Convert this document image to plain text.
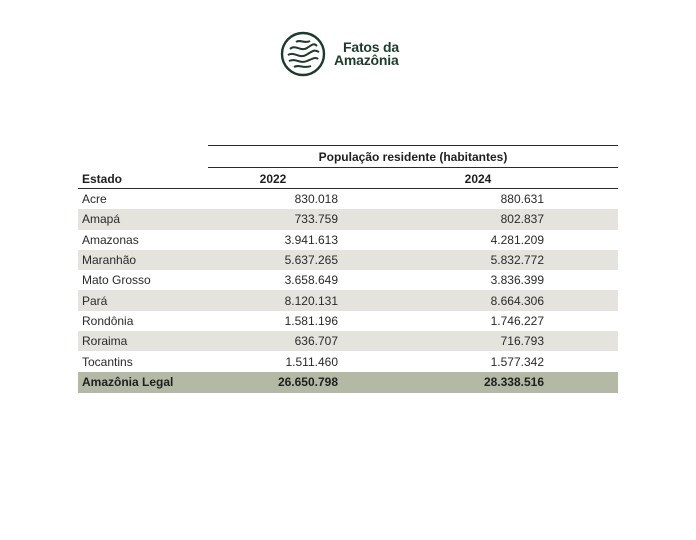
Fatos da
Amazônia
População residente (habitantes)
Estado	2022	2024
Acre	830.018	880.631
Amapá	733.759	802.837
Amazonas	3.941.613	4.281.209
Maranhão	5.637.265	5.832.772
Mato Grosso	3.658.649	3.836.399
Pará	8.120.131	8.664.306
Rondônia	1.581.196	1.746.227
Roraima	636.707	716.793
Tocantins	1.511.460	1.577.342
Amazônia Legal	26.650.798	28.338.516
